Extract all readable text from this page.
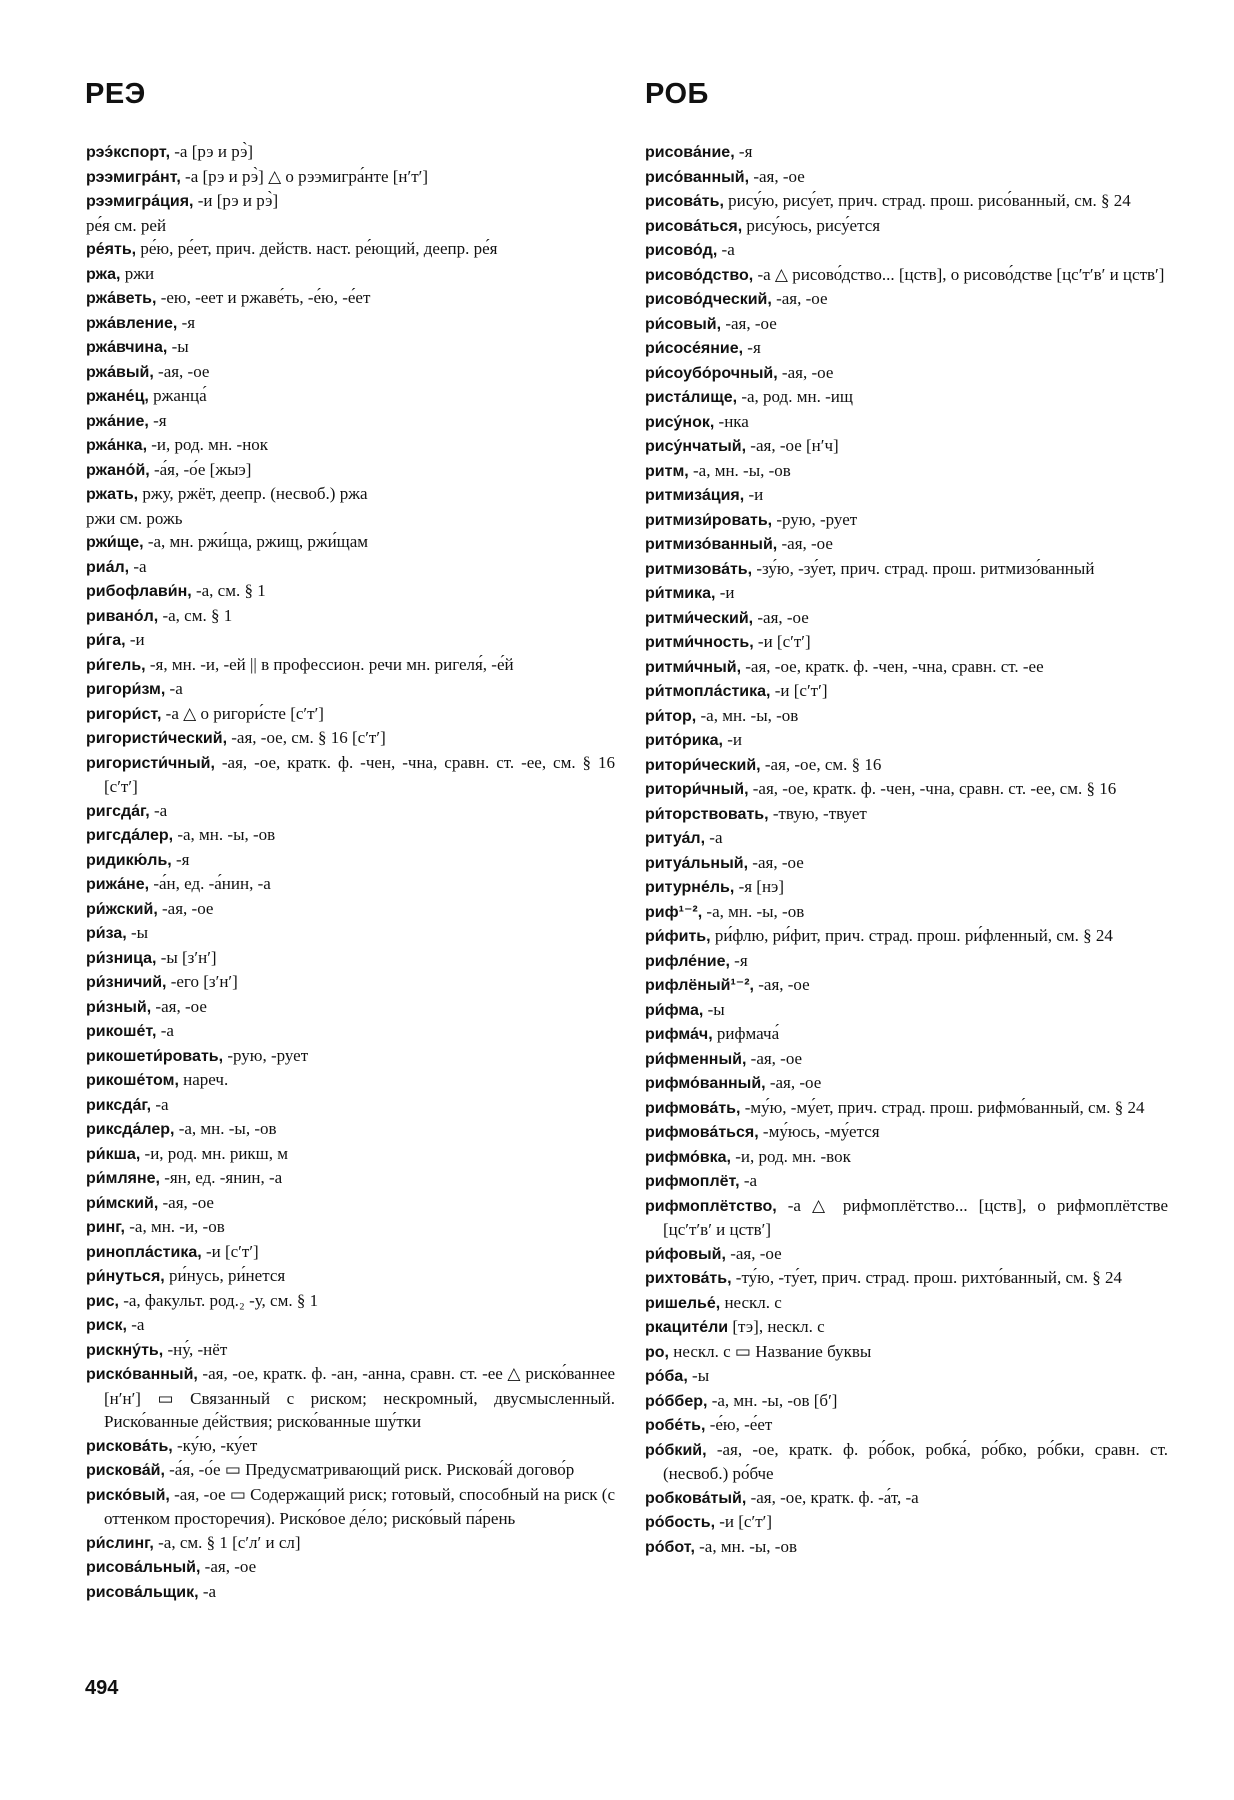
РЕЭ	РОБ
рээ́кспорт, -а [рэ и рэ̀]
рээмигра́нт, -а [рэ и рэ̀] △ о рээмигра́нте [нʹтʹ]
рээмигра́ция, -и [рэ и рэ̀]
ре́я см. рей
ре́ять, ре́ю, ре́ет, прич. действ. наст. ре́ющий, деепр. ре́я
ржа, ржи
ржа́веть, -ею, -еет и ржаве́ть, -е́ю, -е́ет
ржа́вление, -я
ржа́вчина, -ы
ржа́вый, -ая, -ое
ржане́ц, ржанца́
ржа́ние, -я
ржа́нка, -и, род. мн. -нок
ржано́й, -а́я, -о́е [жыэ]
ржать, ржу, ржёт, деепр. (несвоб.) ржа
ржи см. рожь
ржи́ще, -а, мн. ржи́ща, ржищ, ржи́щам
риа́л, -а
рибофлави́н, -а, см. § 1
ривано́л, -а, см. § 1
ри́га, -и
ри́гель, -я, мн. -и, -ей || в профессион. речи мн. ригеля́, -е́й
ригори́зм, -а
ригори́ст, -а △ о ригори́сте [сʹтʹ]
ригористи́ческий, -ая, -ое, см. § 16 [сʹтʹ]
ригористи́чный, -ая, -ое, кратк. ф. -чен, -чна, сравн. ст. -ее, см. § 16 [сʹтʹ]
ригсда́г, -а
ригсда́лер, -а, мн. -ы, -ов
ридикю́ль, -я
рижа́не, -а́н, ед. -а́нин, -а
ри́жский, -ая, -ое
ри́за, -ы
ри́зница, -ы [зʹнʹ]
ри́зничий, -его [зʹнʹ]
ри́зный, -ая, -ое
рикоше́т, -а
рикошети́ровать, -рую, -рует
рикоше́том, нареч.
риксда́г, -а
риксда́лер, -а, мн. -ы, -ов
ри́кша, -и, род. мн. рикш, м
ри́мляне, -ян, ед. -янин, -а
ри́мский, -ая, -ое
ринг, -а, мн. -и, -ов
ринопла́стика, -и [сʹтʹ]
ри́нуться, ри́нусь, ри́нется
рис, -а, факульт. род.₂ -у, см. § 1
риск, -а
рискну́ть, -ну́, -нёт
риско́ванный, -ая, -ое, кратк. ф. -ан, -анна, сравн. ст. -ее △ риско́ваннее [нʹнʹ] ▭ Связанный с риском; нескромный, двусмысленный. Риско́ванные де́йствия; риско́ванные шу́тки
рискова́ть, -ку́ю, -ку́ет
рискова́й, -а́я, -о́е ▭ Предусматривающий риск. Рискова́й догово́р
риско́вый, -ая, -ое ▭ Содержащий риск; готовый, способный на риск (с оттенком просторечия). Риско́вое де́ло; риско́вый па́рень
ри́слинг, -а, см. § 1 [сʹлʹ и сл]
рисова́льный, -ая, -ое
рисова́льщик, -а
рисова́ние, -я
рисо́ванный, -ая, -ое
рисова́ть, рису́ю, рису́ет, прич. страд. прош. рисо́ванный, см. § 24
рисова́ться, рису́юсь, рису́ется
рисово́д, -а
рисово́дство, -а △ рисово́дство... [цств], о рисово́дстве [цсʹтʹвʹ и цствʹ]
рисово́дческий, -ая, -ое
ри́совый, -ая, -ое
ри́сосе́яние, -я
ри́соубо́рочный, -ая, -ое
риста́лище, -а, род. мн. -ищ
рису́нок, -нка
рису́нчатый, -ая, -ое [нʹч]
ритм, -а, мн. -ы, -ов
ритмиза́ция, -и
ритмизи́ровать, -рую, -рует
ритмизо́ванный, -ая, -ое
ритмизова́ть, -зу́ю, -зу́ет, прич. страд. прош. ритмизо́ванный
ри́тмика, -и
ритми́ческий, -ая, -ое
ритми́чность, -и [сʹтʹ]
ритми́чный, -ая, -ое, кратк. ф. -чен, -чна, сравн. ст. -ее
ри́тмопла́стика, -и [сʹтʹ]
ри́тор, -а, мн. -ы, -ов
рито́рика, -и
ритори́ческий, -ая, -ое, см. § 16
ритори́чный, -ая, -ое, кратк. ф. -чен, -чна, сравн. ст. -ее, см. § 16
ри́торствовать, -твую, -твует
ритуа́л, -а
ритуа́льный, -ая, -ое
ритурне́ль, -я [нэ]
риф¹⁻², -а, мн. -ы, -ов
ри́фить, ри́флю, ри́фит, прич. страд. прош. ри́фленный, см. § 24
рифле́ние, -я
рифлёный¹⁻², -ая, -ое
ри́фма, -ы
рифма́ч, рифмача́
ри́фменный, -ая, -ое
рифмо́ванный, -ая, -ое
рифмова́ть, -му́ю, -му́ет, прич. страд. прош. рифмо́ванный, см. § 24
рифмова́ться, -му́юсь, -му́ется
рифмо́вка, -и, род. мн. -вок
рифмоплёт, -а
рифмоплётство, -а △ рифмоплётство... [цств], о рифмоплётстве [цсʹтʹвʹ и цствʹ]
ри́фовый, -ая, -ое
рихтова́ть, -ту́ю, -ту́ет, прич. страд. прош. рихто́ванный, см. § 24
ришелье́, нескл. с
ркаците́ли [тэ], нескл. с
ро, нескл. с ▭ Название буквы
ро́ба, -ы
ро́ббер, -а, мн. -ы, -ов [бʹ]
робе́ть, -е́ю, -е́ет
ро́бкий, -ая, -ое, кратк. ф. ро́бок, робка́, ро́бко, ро́бки, сравн. ст. (несвоб.) ро́бче
робкова́тый, -ая, -ое, кратк. ф. -а́т, -а
ро́бость, -и [сʹтʹ]
ро́бот, -а, мн. -ы, -ов
494
